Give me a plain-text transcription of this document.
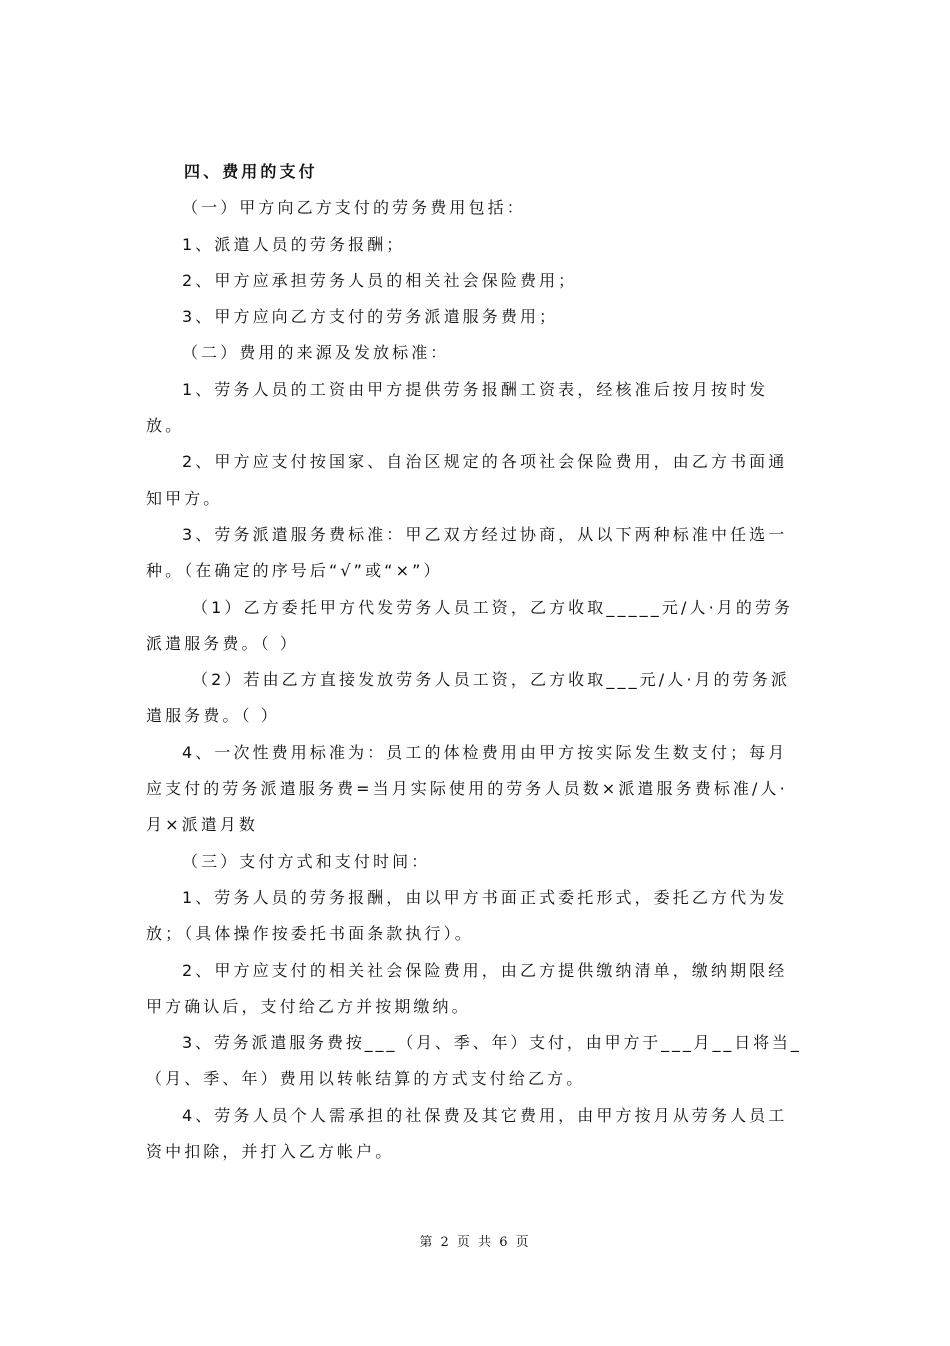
四、费用的支付
（一）甲方向乙方支付的劳务费用包括：
1、派遣人员的劳务报酬；
2、甲方应承担劳务人员的相关社会保险费用；
3、甲方应向乙方支付的劳务派遣服务费用；
（二）费用的来源及发放标准：
1、劳务人员的工资由甲方提供劳务报酬工资表，经核准后按月按时发
放。
2、甲方应支付按国家、自治区规定的各项社会保险费用，由乙方书面通
知甲方。
3、劳务派遣服务费标准：甲乙双方经过协商，从以下两种标准中任选一
种。（在确定的序号后“√”或“×”）
（1）乙方委托甲方代发劳务人员工资，乙方收取_____元/人·月的劳务
派遣服务费。（ ）
（2）若由乙方直接发放劳务人员工资，乙方收取___元/人·月的劳务派
遣服务费。（ ）
4、一次性费用标准为：员工的体检费用由甲方按实际发生数支付；每月
应支付的劳务派遣服务费=当月实际使用的劳务人员数×派遣服务费标准/人·
月×派遣月数
（三）支付方式和支付时间：
1、劳务人员的劳务报酬，由以甲方书面正式委托形式，委托乙方代为发
放；（具体操作按委托书面条款执行）。
2、甲方应支付的相关社会保险费用，由乙方提供缴纳清单，缴纳期限经
甲方确认后，支付给乙方并按期缴纳。
3、劳务派遣服务费按___（月、季、年）支付，由甲方于___月__日将当_
（月、季、年）费用以转帐结算的方式支付给乙方。
4、劳务人员个人需承担的社保费及其它费用，由甲方按月从劳务人员工
资中扣除，并打入乙方帐户。
第 2 页 共 6 页
